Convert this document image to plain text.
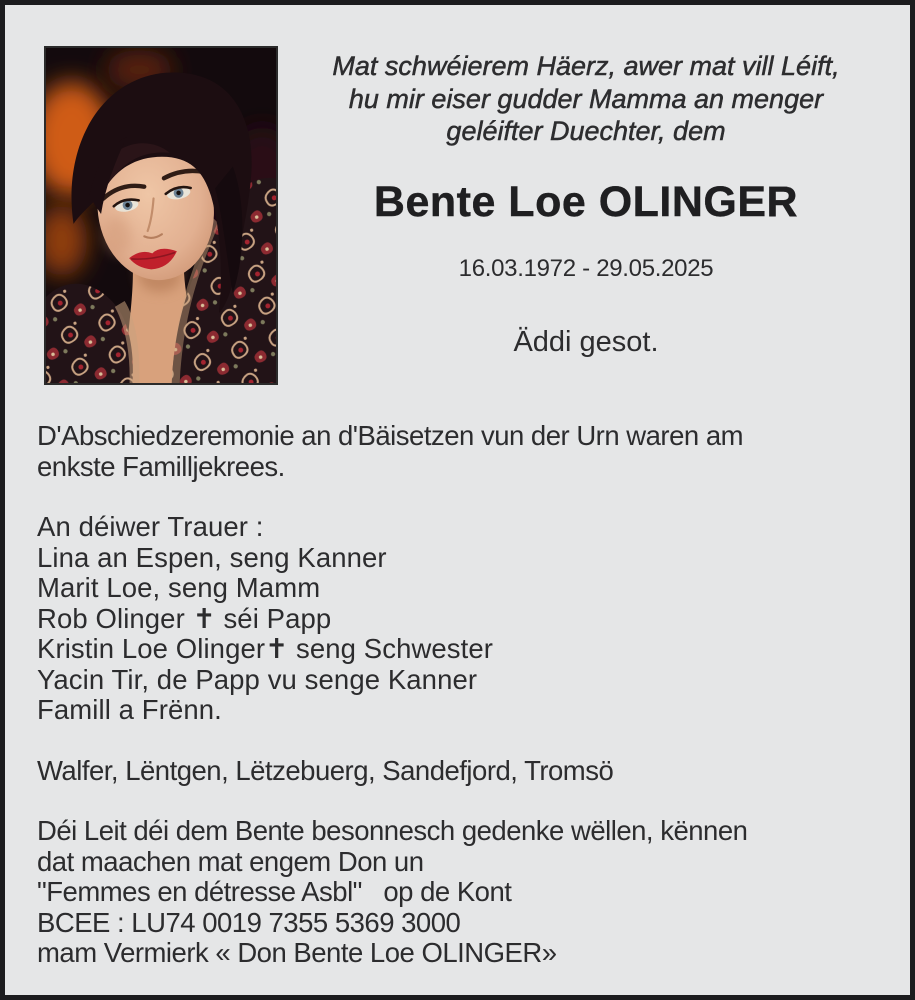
Mat schwéierem Häerz, awer mat vill Léift,
hu mir eiser gudder Mamma an menger
geléifter Duechter, dem
Bente Loe OLINGER
16.03.1972 - 29.05.2025
Äddi gesot.
D'Abschiedzeremonie an d'Bäisetzen vun der Urn waren am
enkste Familljekrees.
An déiwer Trauer :
Lina an Espen, seng Kanner
Marit Loe, seng Mamm
Rob Olinger ✝ séi Papp
Kristin Loe Olinger✝ seng Schwester
Yacin Tir, de Papp vu senge Kanner
Famill a Frënn.
Walfer, Lëntgen, Lëtzebuerg, Sandefjord, Tromsö
Déi Leit déi dem Bente besonnesch gedenke wëllen, kënnen
dat maachen mat engem Don un
"Femmes en détresse Asbl"   op de Kont
BCEE : LU74 0019 7355 5369 3000
mam Vermierk « Don Bente Loe OLINGER»
